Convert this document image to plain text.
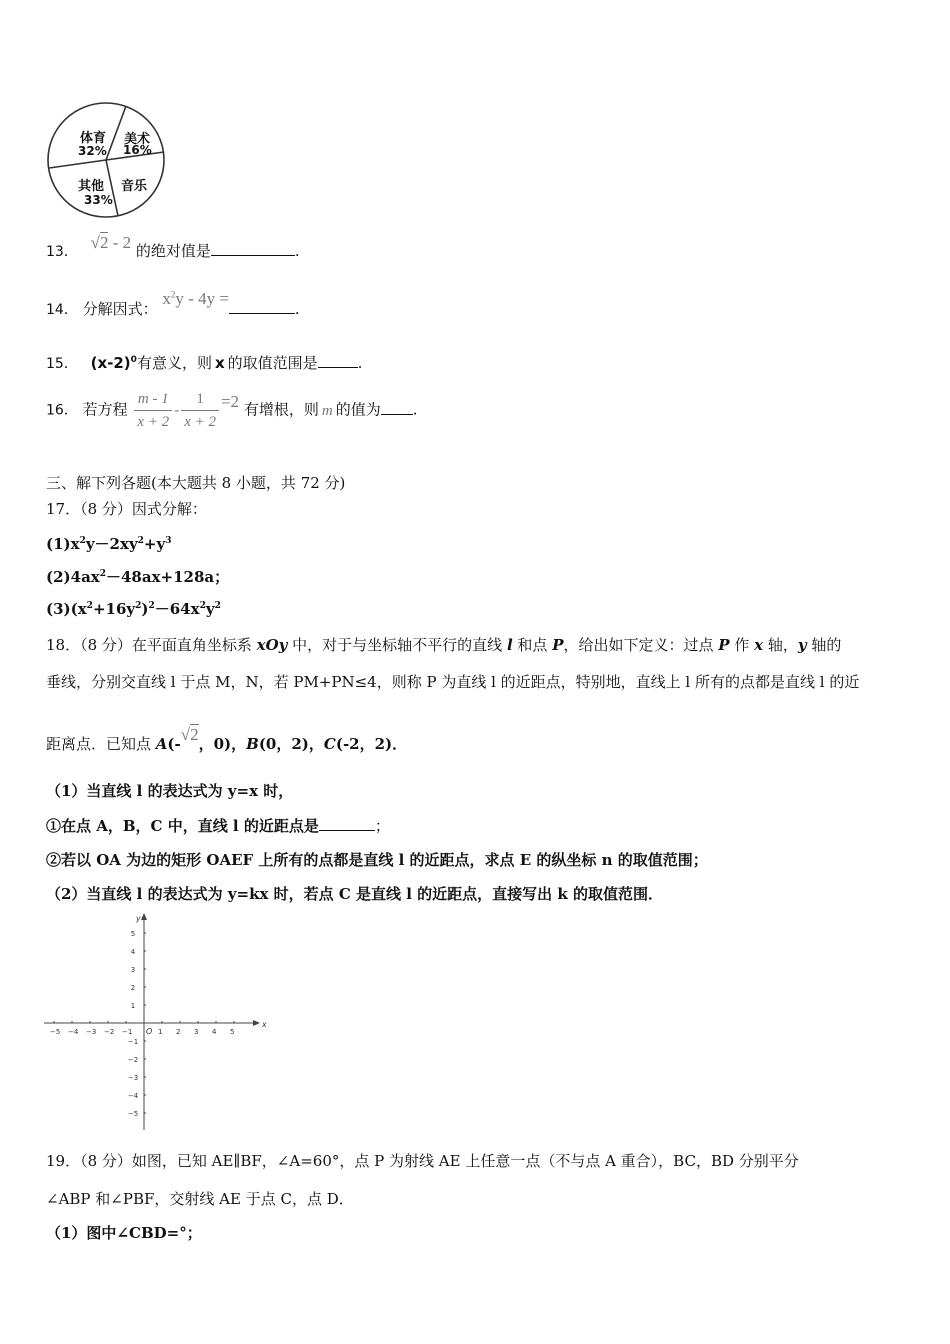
体育
32%
美术
16%
音乐
其他
33%
13． √2 - 2 的绝对值是	.
14． 分解因式： $x^2y - 4y$ =.
15． $(x-2)^0$有意义，则 x 的取值范围是	.
16． 若方程 $\frac{m - 1}{x + 2} - \frac{1}{x + 2} =2$ 有增根，则 m 的值为 .
三、解下列各题(本大题共 8 小题，共 72 分)
17．（8 分）因式分解：
$(1)x^2y-2xy^2+y^3$
$(2)4ax^2-48ax+128a$；
$(3)(x^2+16y^2)^2-64x^2y^2$
18．（8 分）在平面直角坐标系 xOy 中，对于与坐标轴不平行的直线 l 和点 P，给出如下定义：过点 P 作 x 轴，y 轴的
垂线，分别交直线 l 于点 M，N，若 PM+PN≤4，则称 P 为直线 l 的近距点，特别地，直线上 l 所有的点都是直线 l 的近
距离点．已知点 A(-√2，0)，B(0，2)，C(-2，2)．
（1）当直线 l 的表达式为 y=x 时，
①在点 A，B，C 中，直线 l 的近距点是	；
②若以 OA 为边的矩形 OAEF 上所有的点都是直线 l 的近距点，求点 E 的纵坐标 n 的取值范围；
（2）当直线 l 的表达式为 y=kx 时，若点 C 是直线 l 的近距点，直接写出 k 的取值范围．
x
y
O
−5 −4 −3 −2 −1	1 2 3 4 5
5
4
3
2
1
−1
−2
−3
−4
−5
19．（8 分）如图，已知 AE∥BF，∠A=60°，点 P 为射线 AE 上任意一点（不与点 A 重合），BC，BD 分别平分
∠ABP 和∠PBF，交射线 AE 于点 C，点 D．
（1）图中∠CBD=°；
